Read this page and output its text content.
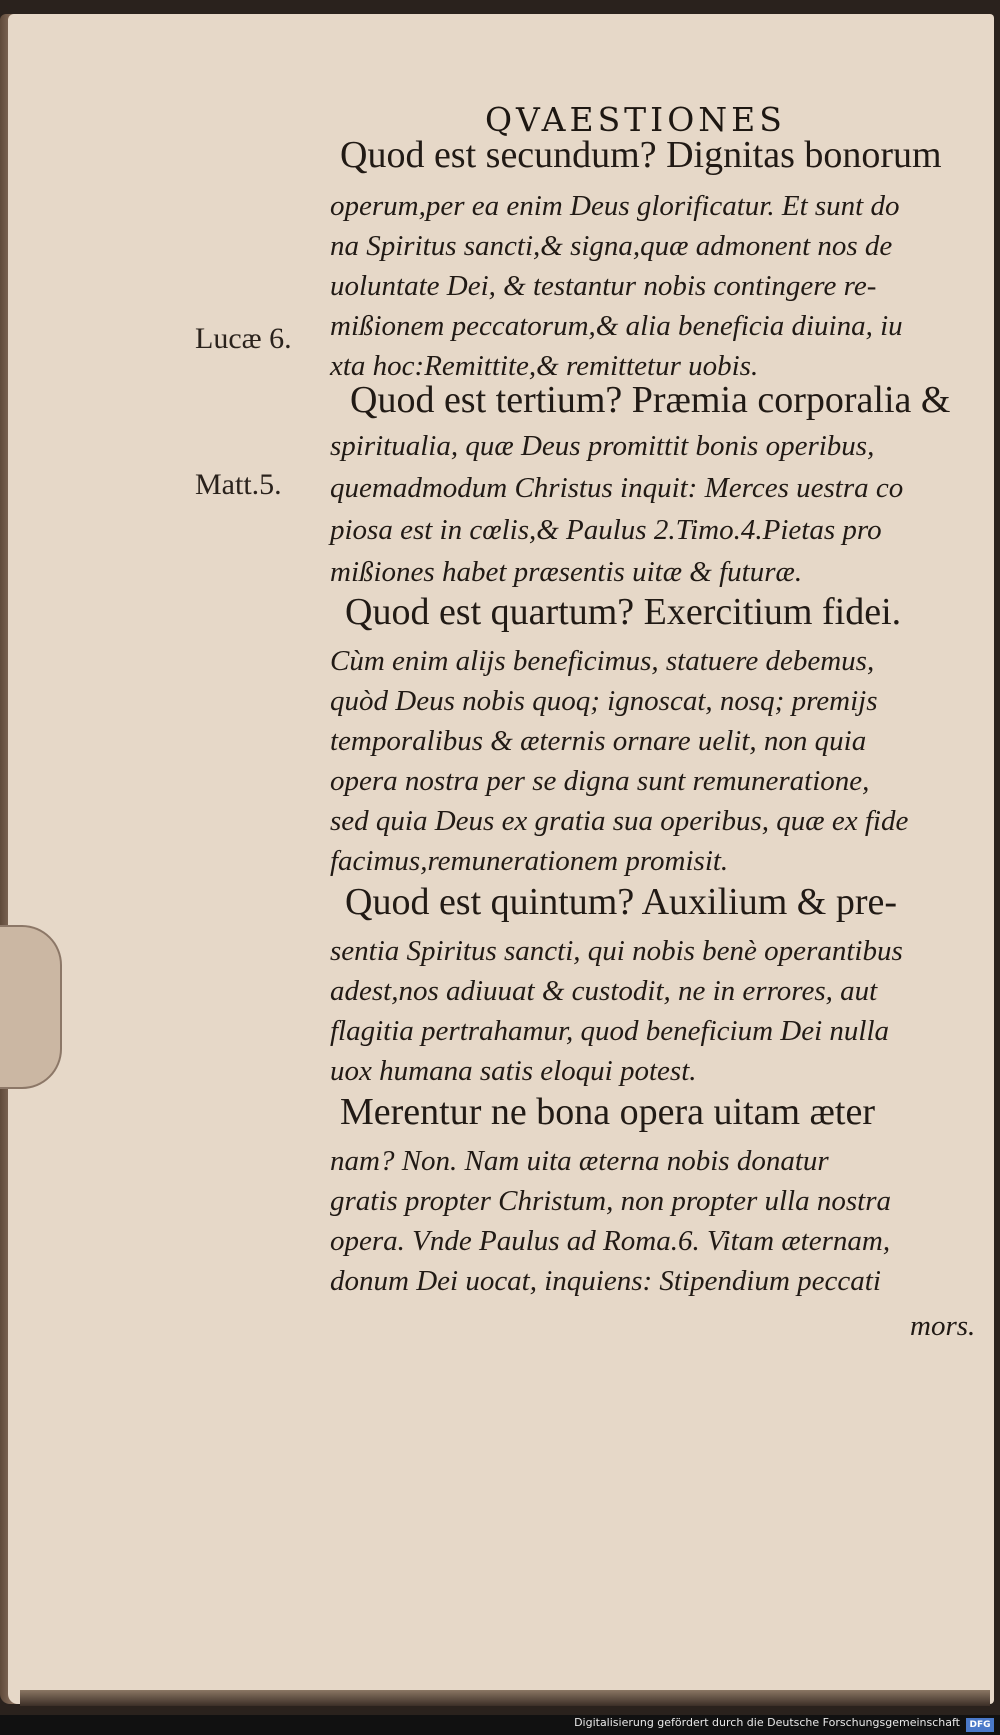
QVAESTIONES
Lucæ 6.
Matt.5.
Quod est secundum? Dignitas bonorum
operum,per ea enim Deus glorificatur. Et sunt do
na Spiritus sancti,& signa,quæ admonent nos de
uoluntate Dei, & testantur nobis contingere re-
mißionem peccatorum,& alia beneficia diuina, iu
xta hoc:Remittite,& remittetur uobis.
Quod est tertium? Præmia corporalia &
spiritualia, quæ Deus promittit bonis operibus,
quemadmodum Christus inquit: Merces uestra co
piosa est in cœlis,& Paulus 2.Timo.4.Pietas pro
mißiones habet præsentis uitæ & futuræ.
Quod est quartum? Exercitium fidei.
Cùm enim alijs beneficimus, statuere debemus,
quòd Deus nobis quoq; ignoscat, nosq; premijs
temporalibus & æternis ornare uelit, non quia
opera nostra per se digna sunt remuneratione,
sed quia Deus ex gratia sua operibus, quæ ex fide
facimus,remunerationem promisit.
Quod est quintum? Auxilium & pre-
sentia Spiritus sancti, qui nobis benè operantibus
adest,nos adiuuat & custodit, ne in errores, aut
flagitia pertrahamur, quod beneficium Dei nulla
uox humana satis eloqui potest.
Merentur ne bona opera uitam æter
nam? Non. Nam uita æterna nobis donatur
gratis propter Christum, non propter ulla nostra
opera. Vnde Paulus ad Roma.6. Vitam æternam,
donum Dei uocat, inquiens: Stipendium peccati
mors.
Digitalisierung gefördert durch die Deutsche Forschungsgemeinschaft	DFG
